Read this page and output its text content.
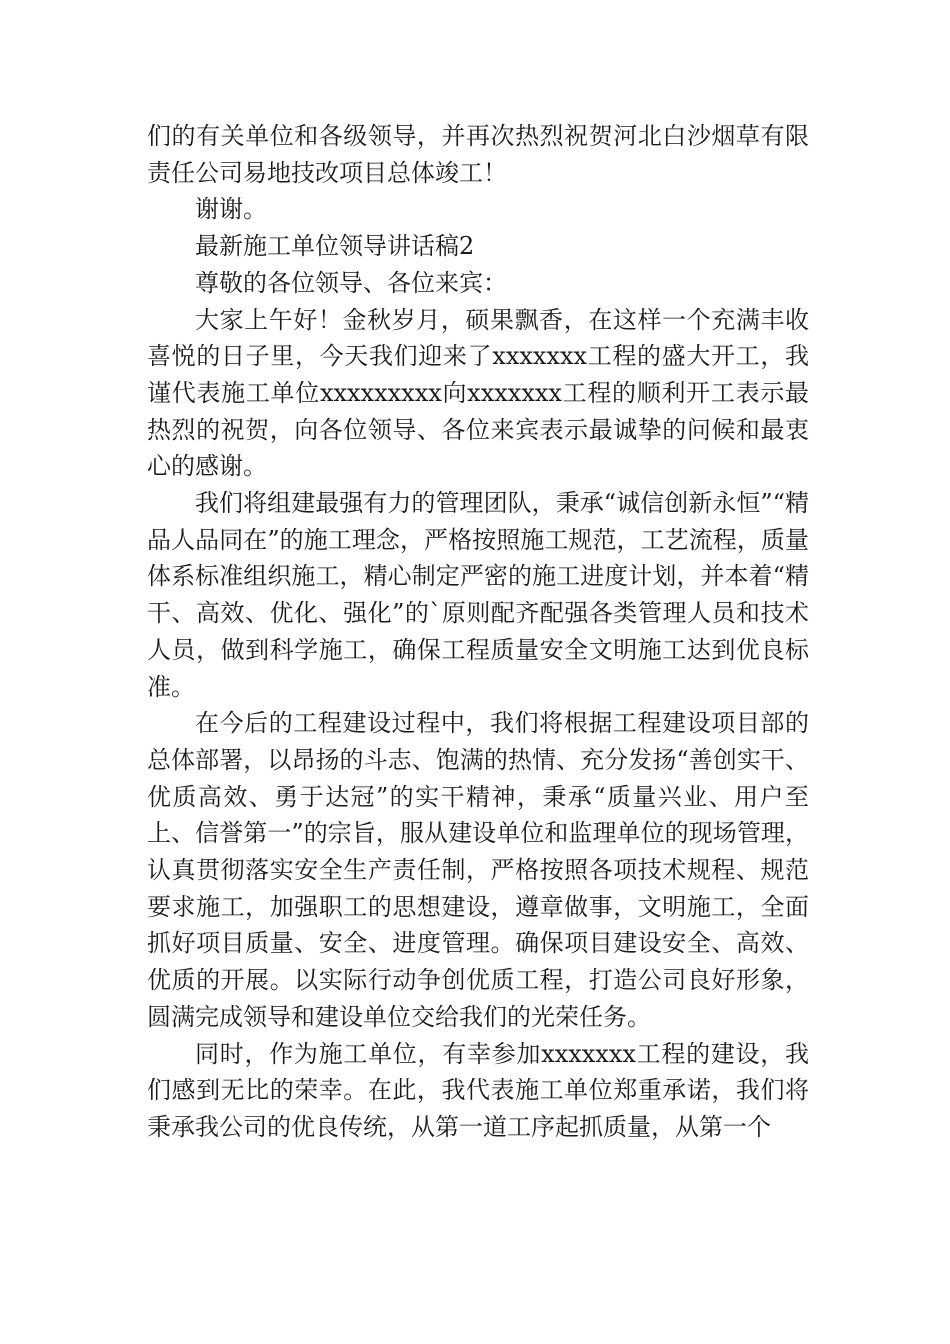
们的有关单位和各级领导，并再次热烈祝贺河北白沙烟草有限责任公司易地技改项目总体竣工！

谢谢。

最新施工单位领导讲话稿2

尊敬的各位领导、各位来宾：

大家上午好！金秋岁月，硕果飘香，在这样一个充满丰收喜悦的日子里，今天我们迎来了xxxxxxx工程的盛大开工，我谨代表施工单位xxxxxxxxx向xxxxxxx工程的顺利开工表示最热烈的祝贺，向各位领导、各位来宾表示最诚挚的问候和最衷心的感谢。

我们将组建最强有力的管理团队，秉承“诚信创新永恒”“精品人品同在”的施工理念，严格按照施工规范，工艺流程，质量体系标准组织施工，精心制定严密的施工进度计划，并本着“精干、高效、优化、强化”的`原则配齐配强各类管理人员和技术人员，做到科学施工，确保工程质量安全文明施工达到优良标准。

在今后的工程建设过程中，我们将根据工程建设项目部的总体部署，以昂扬的斗志、饱满的热情、充分发扬“善创实干、优质高效、勇于达冠”的实干精神，秉承“质量兴业、用户至上、信誉第一”的宗旨，服从建设单位和监理单位的现场管理，认真贯彻落实安全生产责任制，严格按照各项技术规程、规范要求施工，加强职工的思想建设，遵章做事，文明施工，全面抓好项目质量、安全、进度管理。确保项目建设安全、高效、优质的开展。以实际行动争创优质工程，打造公司良好形象，圆满完成领导和建设单位交给我们的光荣任务。

同时，作为施工单位，有幸参加xxxxxxx工程的建设，我们感到无比的荣幸。在此，我代表施工单位郑重承诺，我们将秉承我公司的优良传统，从第一道工序起抓质量，从第一个
